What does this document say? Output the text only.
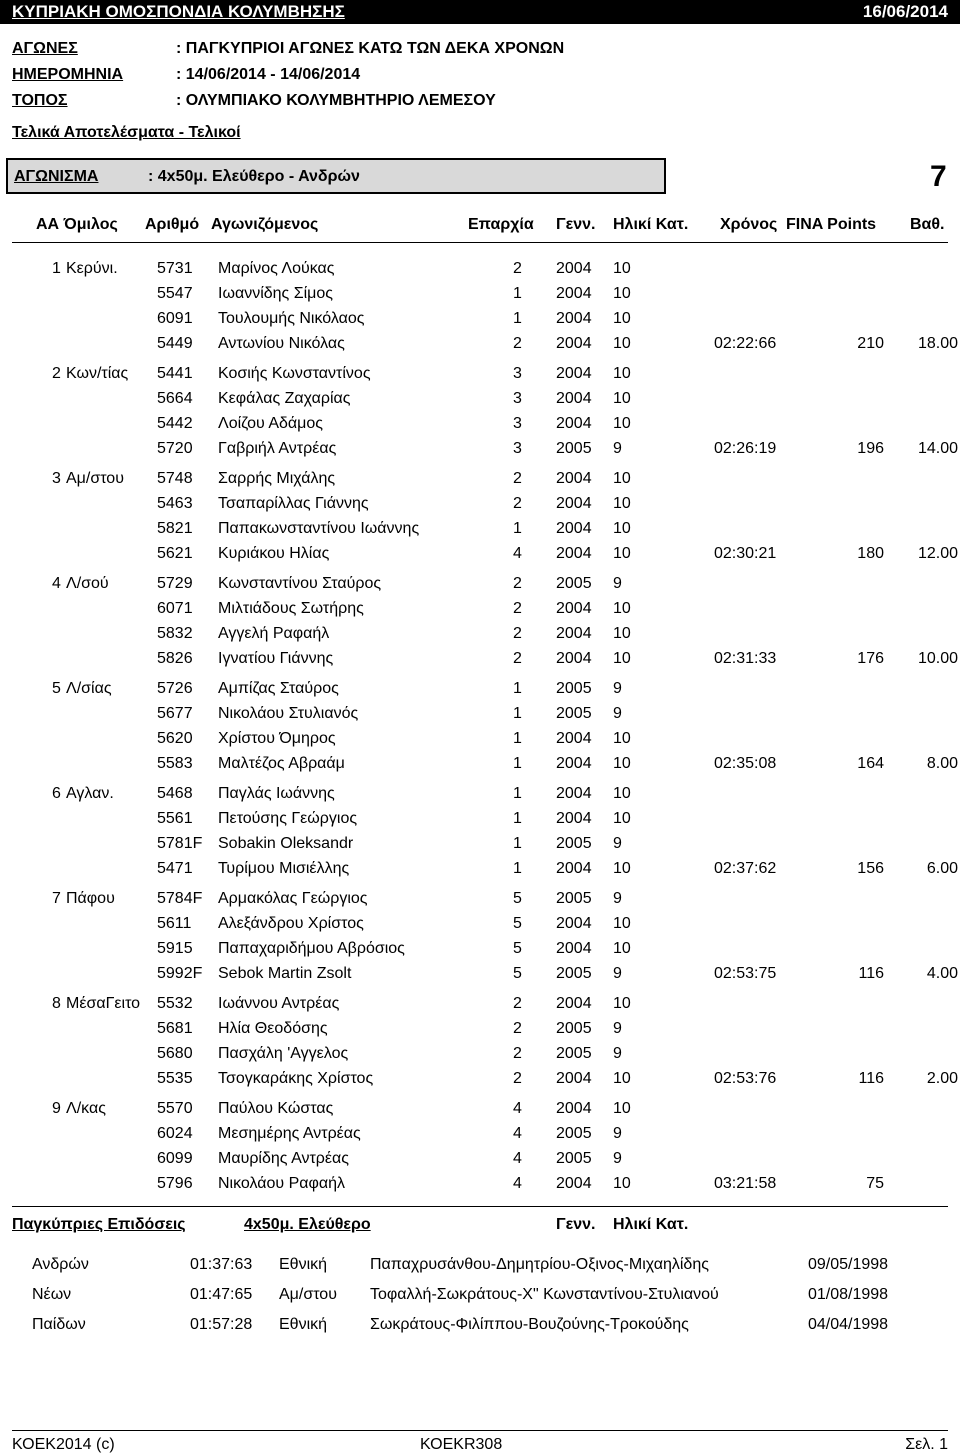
ΚΥΠΡΙΑΚΗ ΟΜΟΣΠΟΝΔΙΑ ΚΟΛΥΜΒΗΣΗΣ	16/06/2014
ΑΓΩΝΕΣ	: ΠΑΓΚΥΠΡΙΟΙ ΑΓΩΝΕΣ ΚΑΤΩ ΤΩΝ ΔΕΚΑ ΧΡΟΝΩΝ
ΗΜΕΡΟΜΗΝΙΑ	: 14/06/2014 - 14/06/2014
ΤΟΠΟΣ	: ΟΛΥΜΠΙΑΚΟ ΚΟΛΥΜΒΗΤΗΡΙΟ ΛΕΜΕΣΟΥ
Τελικά Αποτελέσματα - Τελικοί
ΑΓΩΝΙΣΜΑ	: 4x50μ. Ελεύθερο - Ανδρών	7
ΑΑ Όμιλος Αριθμό Αγωνιζόμενος	Επαρχία Γενν. Ηλικί Κατ. Χρόνος FINA Points Βαθ.
1 Κερύνι. 5731 Μαρίνος Λούκας	2 2004 10
5547 Ιωαννίδης Σίμος	1 2004 10
6091 Τουλουμής Νικόλαος	1 2004 10
5449 Αντωνίου Νικόλας	2 2004 10	02:22:66	210 18.00
2 Κων/τίας 5441 Κοσιής Κωνσταντίνος	3 2004 10
5664 Κεφάλας Ζαχαρίας	3 2004 10
5442 Λοίζου Αδάμος	3 2004 10
5720 Γαβριήλ Αντρέας	3 2005 9	02:26:19	196 14.00
3 Αμ/στου 5748 Σαρρής Μιχάλης	2 2004 10
5463 Τσαπαρίλλας Γιάννης	2 2004 10
5821 Παπακωνσταντίνου Ιωάννης	1 2004 10
5621 Κυριάκου Ηλίας	4 2004 10	02:30:21	180 12.00
4 Λ/σού	5729 Κωνσταντίνου Σταύρος	2 2005 9
6071 Μιλτιάδους Σωτήρης	2 2004 10
5832 Αγγελή Ραφαήλ	2 2004 10
5826 Ιγνατίου Γιάννης	2 2004 10	02:31:33	176 10.00
5 Λ/σίας	5726 Αμπίζας Σταύρος	1 2005 9
5677 Νικολάου Στυλιανός	1 2005 9
5620 Χρίστου Όμηρος	1 2004 10
5583 Μαλτέζος Αβραάμ	1 2004 10	02:35:08	164	8.00
6 Αγλαν.	5468 Παγλάς Ιωάννης	1 2004 10
5561 Πετούσης Γεώργιος	1 2004 10
5781F Sobakin Oleksandr	1 2005 9
5471 Τυρίμου Μισιέλλης	1 2004 10	02:37:62	156	6.00
7 Πάφου	5784F Αρμακόλας Γεώργιος	5 2005 9
5611 Αλεξάνδρου Χρίστος	5 2004 10
5915 Παπαχαριδήμου Αβρόσιος	5 2004 10
5992F Sebok Martin Zsolt	5 2005 9	02:53:75	116	4.00
8 ΜέσαΓειτο 5532 Ιωάννου Αντρέας	2 2004 10
5681 Ηλία Θεοδόσης	2 2005 9
5680 Πασχάλη 'Αγγελος	2 2005 9
5535 Τσογκαράκης Χρίστος	2 2004 10	02:53:76	116	2.00
9 Λ/κας	5570 Παύλου Κώστας	4 2004 10
6024 Μεσημέρης Αντρέας	4 2005 9
6099 Μαυρίδης Αντρέας	4 2005 9
5796 Νικολάου Ραφαήλ	4 2004 10	03:21:58	75
Παγκύπριες Επιδόσεις	4x50μ. Ελεύθερο	Γενν. Ηλικί Κατ.
Ανδρών	01:37:63 Εθνική	Παπαχρυσάνθου-Δημητρίου-Οξινος-Μιχαηλίδης	09/05/1998
Νέων	01:47:65 Αμ/στου Τοφαλλή-Σωκράτους-Χ" Κωνσταντίνου-Στυλιανού	01/08/1998
Παίδων	01:57:28 Εθνική	Σωκράτους-Φιλίππου-Βουζούνης-Τροκούδης	04/04/1998
ΚΟΕΚ2014 (c)	ΚΟΕΚR308	Σελ. 1
